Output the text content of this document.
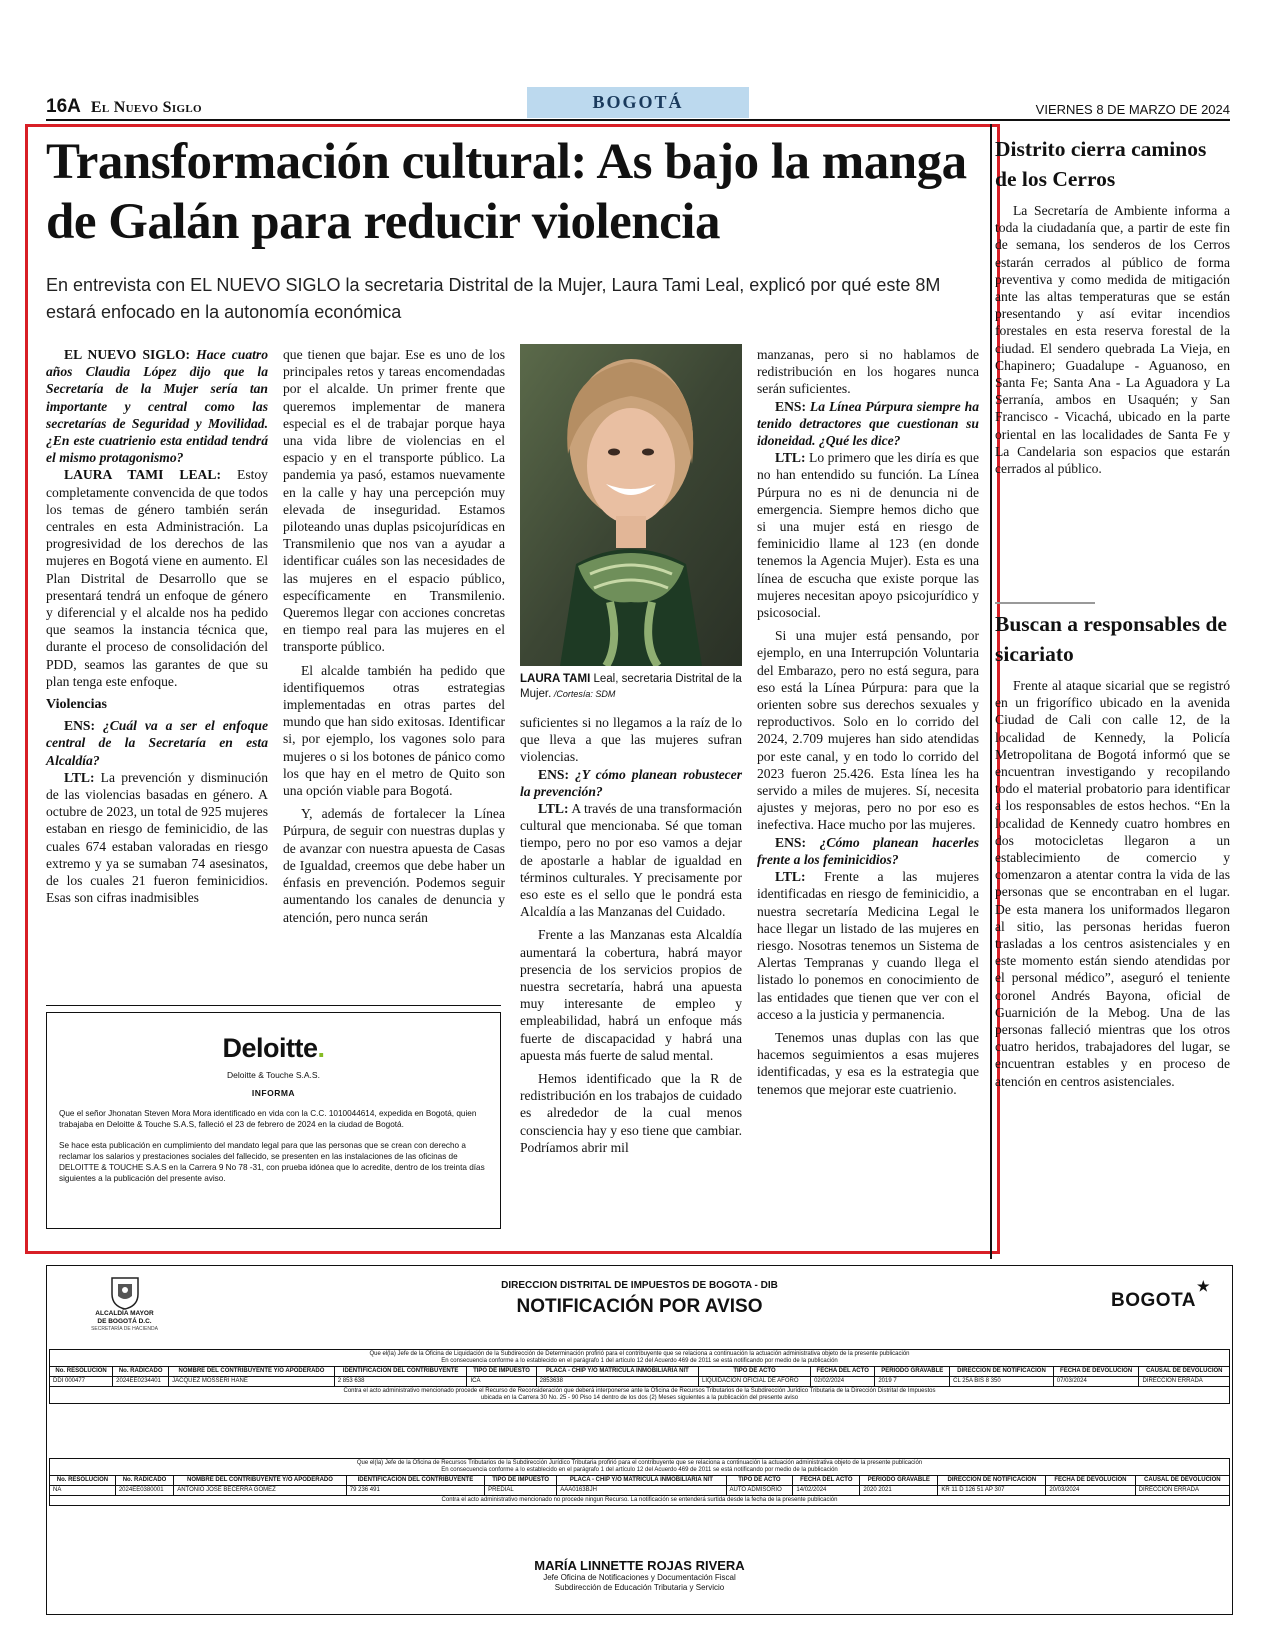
16A El Nuevo Siglo	BOGOTÁ	VIERNES 8 DE MARZO DE 2024
Transformación cultural: As bajo la manga de Galán para reducir violencia
En entrevista con EL NUEVO SIGLO la secretaria Distrital de la Mujer, Laura Tami Leal, explicó por qué este 8M estará enfocado en la autonomía económica

EL NUEVO SIGLO: Hace cuatro años Claudia López dijo que la Secretaría de la Mujer sería tan importante y central como las secretarías de Seguridad y Movilidad. ¿En este cuatrienio esta entidad tendrá el mismo protagonismo?

LAURA TAMI LEAL: Estoy completamente convencida de que todos los temas de género también serán centrales en esta Administración. La progresividad de los derechos de las mujeres en Bogotá viene en aumento. El Plan Distrital de Desarrollo que se presentará tendrá un enfoque de género y diferencial y el alcalde nos ha pedido que seamos la instancia técnica que, durante el proceso de consolidación del PDD, seamos las garantes de que su plan tenga este enfoque.

Violencias

ENS: ¿Cuál va a ser el enfoque central de la Secretaría en esta Alcaldía?

LTL: La prevención y disminución de las violencias basadas en género. A octubre de 2023, un total de 925 mujeres estaban en riesgo de feminicidio, de las cuales 674 estaban valoradas en riesgo extremo y ya se sumaban 74 asesinatos, de los cuales 21 fueron feminicidios. Esas son cifras inadmisibles

que tienen que bajar. Ese es uno de los principales retos y tareas encomendadas por el alcalde. Un primer frente que queremos implementar de manera especial es el de trabajar porque haya una vida libre de violencias en el espacio y en el transporte público. La pandemia ya pasó, estamos nuevamente en la calle y hay una percepción muy elevada de inseguridad. Estamos piloteando unas duplas psicojurídicas en Transmilenio que nos van a ayudar a identificar cuáles son las necesidades de las mujeres en el espacio público, específicamente en Transmilenio. Queremos llegar con acciones concretas en tiempo real para las mujeres en el transporte público.

El alcalde también ha pedido que identifiquemos otras estrategias implementadas en otras partes del mundo que han sido exitosas. Identificar si, por ejemplo, los vagones solo para mujeres o si los botones de pánico como los que hay en el metro de Quito son una opción viable para Bogotá.

Y, además de fortalecer la Línea Púrpura, de seguir con nuestras duplas y de avanzar con nuestra apuesta de Casas de Igualdad, creemos que debe haber un énfasis en prevención. Podemos seguir aumentando los canales de denuncia y atención, pero nunca serán

LAURA TAMI Leal, secretaria Distrital de la Mujer. /Cortesía: SDM

suficientes si no llegamos a la raíz de lo que lleva a que las mujeres sufran violencias.

ENS: ¿Y cómo planean robustecer la prevención?

LTL: A través de una transformación cultural que mencionaba. Sé que toman tiempo, pero no por eso vamos a dejar de apostarle a hablar de igualdad en términos culturales. Y precisamente por eso este es el sello que le pondrá esta Alcaldía a las Manzanas del Cuidado.

Frente a las Manzanas esta Alcaldía aumentará la cobertura, habrá mayor presencia de los servicios propios de nuestra secretaría, habrá una apuesta muy interesante de empleo y empleabilidad, habrá un enfoque más fuerte de discapacidad y habrá una apuesta más fuerte de salud mental.

Hemos identificado que la R de redistribución en los trabajos de cuidado es alrededor de la cual menos consciencia hay y eso tiene que cambiar. Podríamos abrir mil

manzanas, pero si no hablamos de redistribución en los hogares nunca serán suficientes.

ENS: La Línea Púrpura siempre ha tenido detractores que cuestionan su idoneidad. ¿Qué les dice?

LTL: Lo primero que les diría es que no han entendido su función. La Línea Púrpura no es ni de denuncia ni de emergencia. Siempre hemos dicho que si una mujer está en riesgo de feminicidio llame al 123 (en donde tenemos la Agencia Mujer). Esta es una línea de escucha que existe porque las mujeres necesitan apoyo psicojurídico y psicosocial.

Si una mujer está pensando, por ejemplo, en una Interrupción Voluntaria del Embarazo, pero no está segura, para eso está la Línea Púrpura: para que la orienten sobre sus derechos sexuales y reproductivos. Solo en lo corrido del 2024, 2.709 mujeres han sido atendidas por este canal, y en todo lo corrido del 2023 fueron 25.426. Esta línea les ha servido a miles de mujeres. Sí, necesita ajustes y mejoras, pero no por eso es inefectiva. Hace mucho por las mujeres.

ENS: ¿Cómo planean hacerles frente a los feminicidios?

LTL: Frente a las mujeres identificadas en riesgo de feminicidio, a nuestra secretaría Medicina Legal le hace llegar un listado de las mujeres en riesgo. Nosotras tenemos un Sistema de Alertas Tempranas y cuando llega el listado lo ponemos en conocimiento de las entidades que tienen que ver con el acceso a la justicia y permanencia.

Tenemos unas duplas con las que hacemos seguimientos a esas mujeres identificadas, y esa es la estrategia que tenemos que mejorar este cuatrienio.

Deloitte.
Deloitte & Touche S.A.S.
INFORMA
Que el señor Jhonatan Steven Mora Mora identificado en vida con la C.C. 1010044614, expedida en Bogotá, quien trabajaba en Deloitte & Touche S.A.S, falleció el 23 de febrero de 2024 en la ciudad de Bogotá.
Se hace esta publicación en cumplimiento del mandato legal para que las personas que se crean con derecho a reclamar los salarios y prestaciones sociales del fallecido, se presenten en las instalaciones de las oficinas de DELOITTE & TOUCHE S.A.S en la Carrera 9 No 78 -31, con prueba idónea que lo acredite, dentro de los treinta días siguientes a la publicación del presente aviso.
Distrito cierra caminos de los Cerros

La Secretaría de Ambiente informa a toda la ciudadanía que, a partir de este fin de semana, los senderos de los Cerros estarán cerrados al público de forma preventiva y como medida de mitigación ante las altas temperaturas que se están presentando y así evitar incendios forestales en esta reserva forestal de la ciudad. El sendero quebrada La Vieja, en Chapinero; Guadalupe - Aguanoso, en Santa Fe; Santa Ana - La Aguadora y La Serranía, ambos en Usaquén; y San Francisco - Vicachá, ubicado en la parte oriental en las localidades de Santa Fe y La Candelaria son espacios que estarán cerrados al público.

Buscan a responsables de sicariato

Frente al ataque sicarial que se registró en un frigorífico ubicado en la avenida Ciudad de Cali con calle 12, de la localidad de Kennedy, la Policía Metropolitana de Bogotá informó que se encuentran investigando y recopilando todo el material probatorio para identificar a los responsables de estos hechos. “En la localidad de Kennedy cuatro hombres en dos motocicletas llegaron a un establecimiento de comercio y comenzaron a atentar contra la vida de las personas que se encontraban en el lugar. De esta manera los uniformados llegaron al sitio, las personas heridas fueron trasladas a los centros asistenciales y en este momento están siendo atendidas por el personal médico”, aseguró el teniente coronel Andrés Bayona, oficial de Guarnición de la Mebog. Una de las personas falleció mientras que los otros cuatro heridos, trabajadores del lugar, se encuentran estables y en proceso de atención en centros asistenciales.

ALCALDÍA MAYOR
DE BOGOTÁ D.C.
SECRETARÍA DE HACIENDA
DIRECCION DISTRITAL DE IMPUESTOS DE BOGOTA - DIB
NOTIFICACIÓN POR AVISO	BOGOTA
★
Que el(la) Jefe de la Oficina de Liquidación de la Subdirección de Determinación profirió para el contribuyente que se relaciona a continuación la actuación administrativa objeto de la presente publicación
En consecuencia conforme a lo establecido en el parágrafo 1 del artículo 12 del Acuerdo 469 de 2011 se está notificando por medio de la publicación											

No. RESOLUCION	No. RADICADO	NOMBRE DEL CONTRIBUYENTE Y/O APODERADO	IDENTIFICACION DEL CONTRIBUYENTE	TIPO DE IMPUESTO	PLACA - CHIP Y/O MATRICULA INMOBILIARIA NIT	TIPO DE ACTO	FECHA DEL ACTO	PERIODO GRAVABLE	DIRECCION DE NOTIFICACION	FECHA DE DEVOLUCION	CAUSAL DE DEVOLUCION
DDI 000477	2024EE0234401	JACQUEZ MOSSERI HANE	2 853 638	ICA	2853638	LIQUIDACION OFICIAL DE AFORO	02/02/2024	2019 7	CL 25A BIS 8 350	07/03/2024	DIRECCION ERRADA

Contra el acto administrativo mencionado procede el Recurso de Reconsideración que deberá interponerse ante la Oficina de Recursos Tributarios de la Subdirección Jurídico Tributaria de la Dirección Distrital de Impuestos
ubicada en la Carrera 30 No. 25 - 90 Piso 14 dentro de los dos (2) Meses siguientes a la publicación del presente aviso											
Que el(la) Jefe de la Oficina de Recursos Tributarios de la Subdirección Jurídico Tributaria profirió para el contribuyente que se relaciona a continuación la actuación administrativa objeto de la presente publicación
En consecuencia conforme a lo establecido en el parágrafo 1 del artículo 12 del Acuerdo 469 de 2011 se está notificando por medio de la publicación											

No. RESOLUCION	No. RADICADO	NOMBRE DEL CONTRIBUYENTE Y/O APODERADO	IDENTIFICACION DEL CONTRIBUYENTE	TIPO DE IMPUESTO	PLACA - CHIP Y/O MATRICULA INMOBILIARIA NIT	TIPO DE ACTO	FECHA DEL ACTO	PERIODO GRAVABLE	DIRECCION DE NOTIFICACION	FECHA DE DEVOLUCION	CAUSAL DE DEVOLUCION
NA	2024EE0380001	ANTONIO JOSE BECERRA GOMEZ	79 236 491	PREDIAL	AAA0163BJH	AUTO ADMISORIO	14/02/2024	2020 2021	KR 11 D 126 51 AP 307	20/03/2024	DIRECCION ERRADA
Contra el acto administrativo mencionado no procede ningun Recurso. La notificación se entenderá surtida desde la fecha de la presente publicación											
MARÍA LINNETTE ROJAS RIVERA
Jefe Oficina de Notificaciones y Documentación Fiscal
Subdirección de Educación Tributaria y Servicio
